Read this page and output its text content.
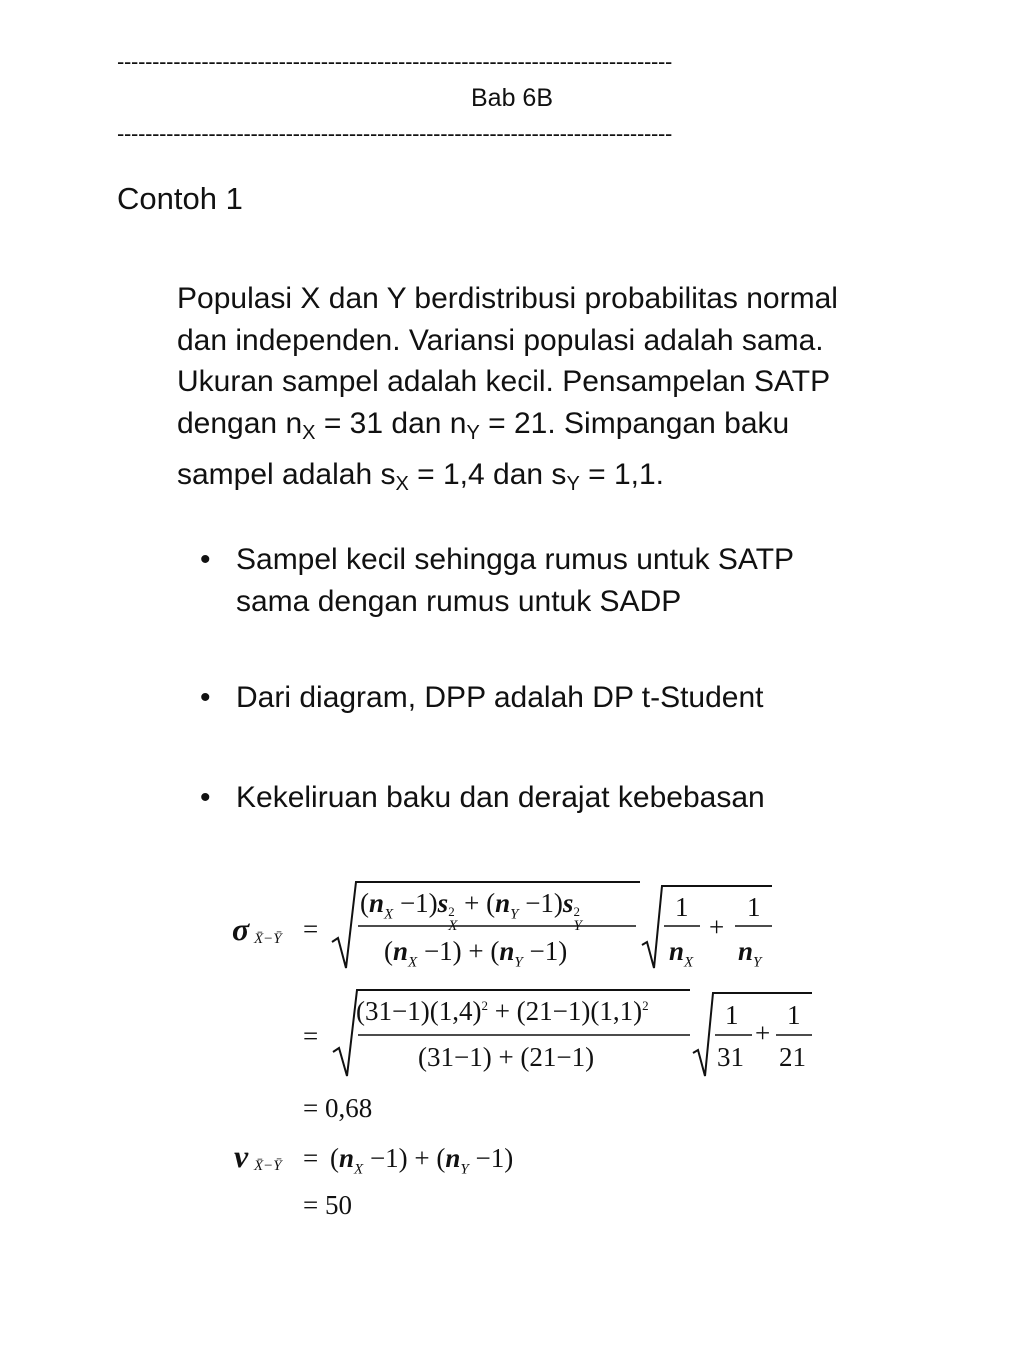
-------------------------------------------------------------------------------
Bab 6B
-------------------------------------------------------------------------------
Contoh 1
Populasi X dan Y berdistribusi probabilitas normal
dan independen. Variansi populasi adalah sama.
Ukuran sampel adalah kecil. Pensampelan SATP
dengan $n_X = 31$ dan $n_Y = 21$. Simpangan baku
sampel adalah $s_X = 1,4$ dan $s_Y = 1,1$.
• Sampel kecil sehingga rumus untuk SATP
sama dengan rumus untuk SADP
• Dari diagram, DPP adalah DP t-Student
• Kekeliruan baku dan derajat kebebasan
σ X̄−Ȳ =
$(n_X -1)s$ 2
X
+ $(n_Y -1)s$ 2
Y
$(n_X -1) + (n_Y -1)$
1
$n_X$
+
1
$n_Y$
=
$(31-1)(1,4)^2 + (21-1)(1,1)^2$
(31−1) + (21−1)
1
31
+
1
21
= 0,68
ν X̄−Ȳ = $(n_X -1) + (n_Y -1)$
= 50
